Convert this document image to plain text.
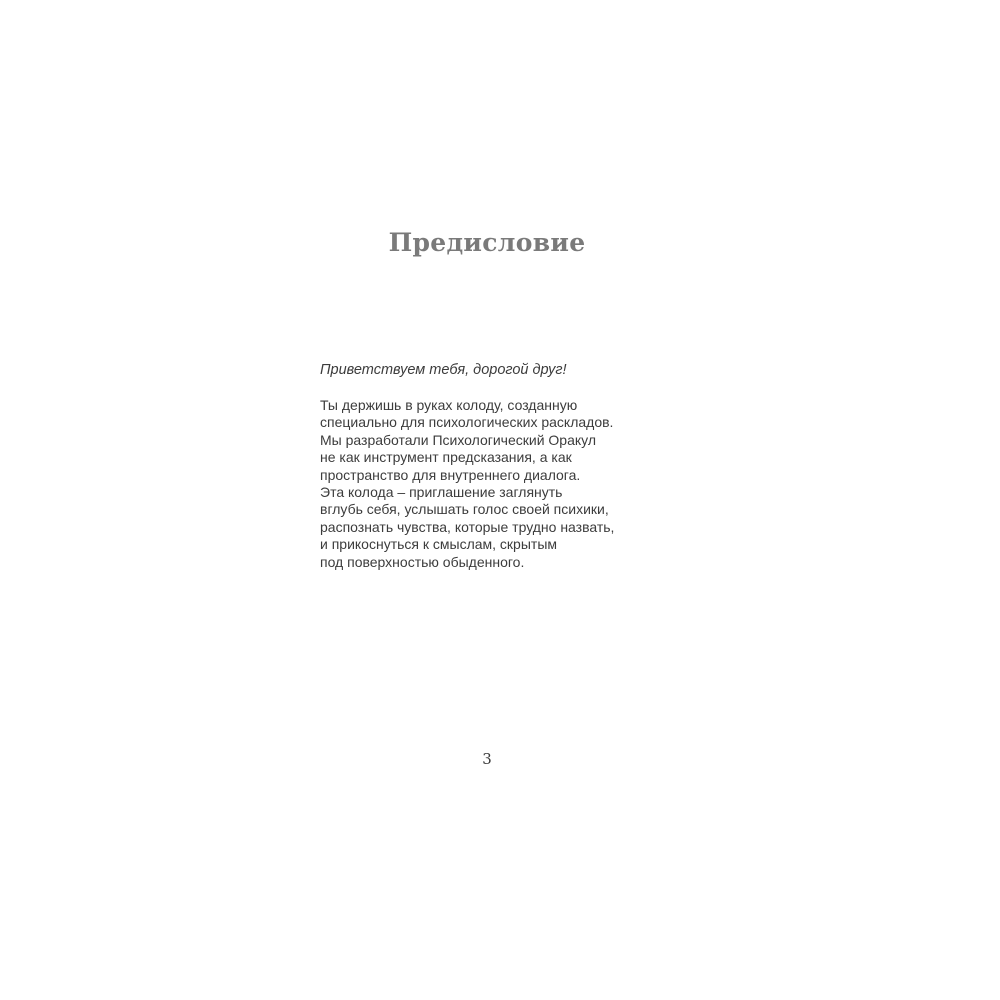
Предисловие

Приветствуем тебя, дорогой друг!

Ты держишь в руках колоду, созданную
специально для психологических раскладов.
Мы разработали Психологический Оракул
не как инструмент предсказания, а как
пространство для внутреннего диалога.
Эта колода – приглашение заглянуть
вглубь себя, услышать голос своей психики,
распознать чувства, которые трудно назвать,
и прикоснуться к смыслам, скрытым
под поверхностью обыденного.

3
